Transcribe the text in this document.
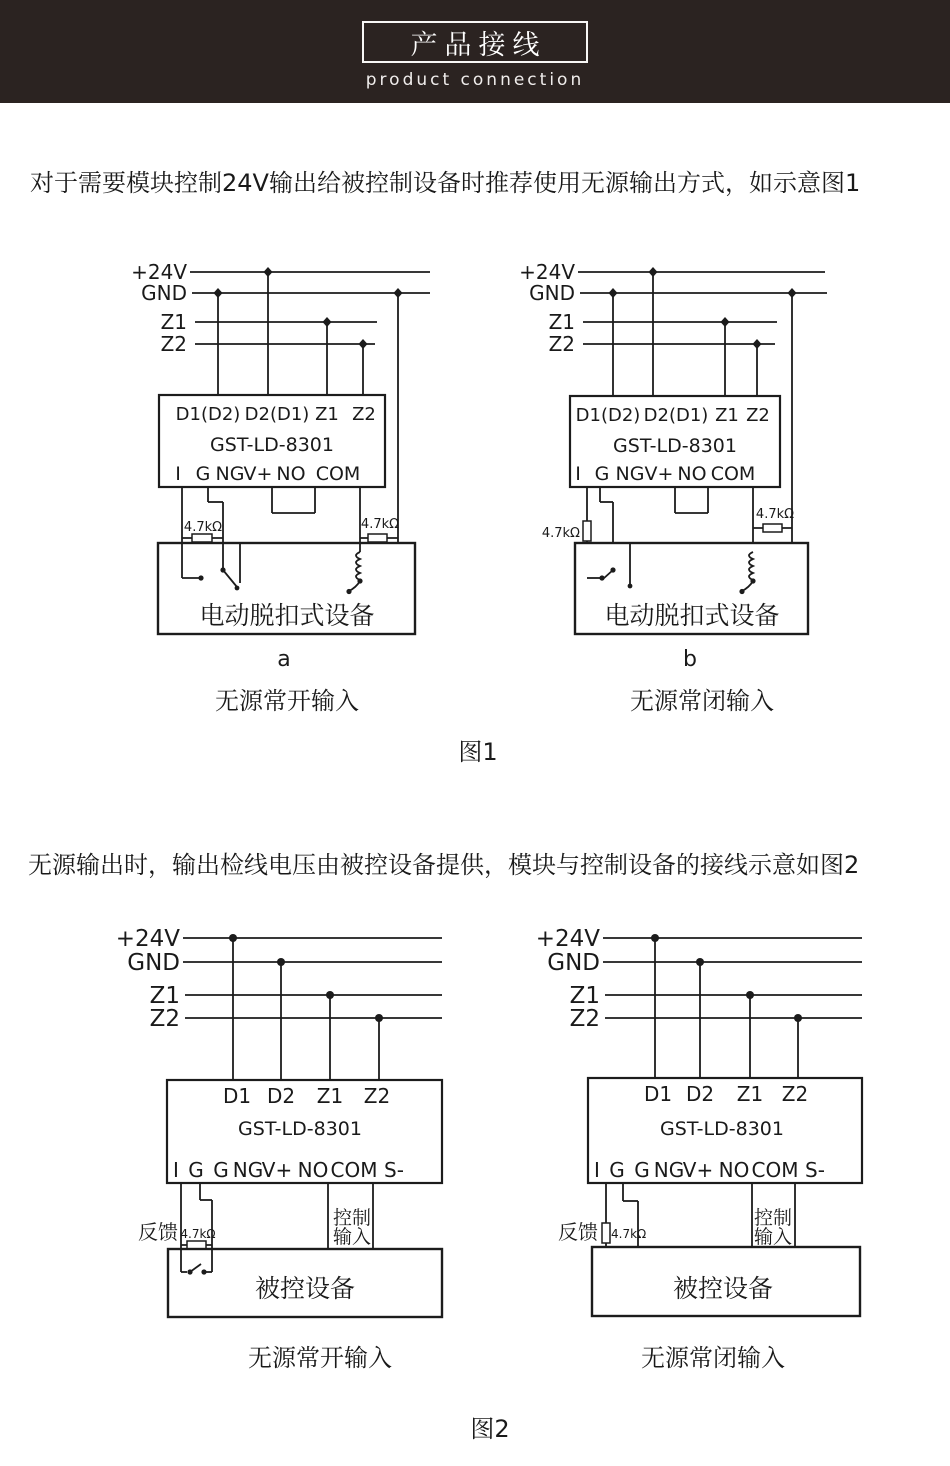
产品接线
product connection
对于需要模块控制24V输出给被控制设备时推荐使用无源输出方式，如示意图1
无源输出时，输出检线电压由被控设备提供，模块与控制设备的接线示意如图2
+24V
GND
Z1
Z2
D1(D2) D2(D1) Z1 Z2
GST-LD-8301
I G NG V+ NO COM
4.7kΩ	4.7kΩ
电动脱扣式设备
a
无源常开输入
+24V
GND
Z1
Z2
D1(D2) D2(D1) Z1 Z2
GST-LD-8301
I G NG V+ NO COM
4.7kΩ
4.7kΩ
电动脱扣式设备
b
无源常闭输入
图1
+24V
GND
Z1
Z2
D1 D2 Z1 Z2
GST-LD-8301
I G G NG
V+ NO COM S-
反馈 4.7kΩ
控制
输入
被控设备
无源常开输入
+24V
GND
Z1
Z2
D1 D2 Z1 Z2
GST-LD-8301
I G G NG
V+ NO COM S-
反馈 4.7kΩ
控制
输入
被控设备
无源常闭输入
图2
